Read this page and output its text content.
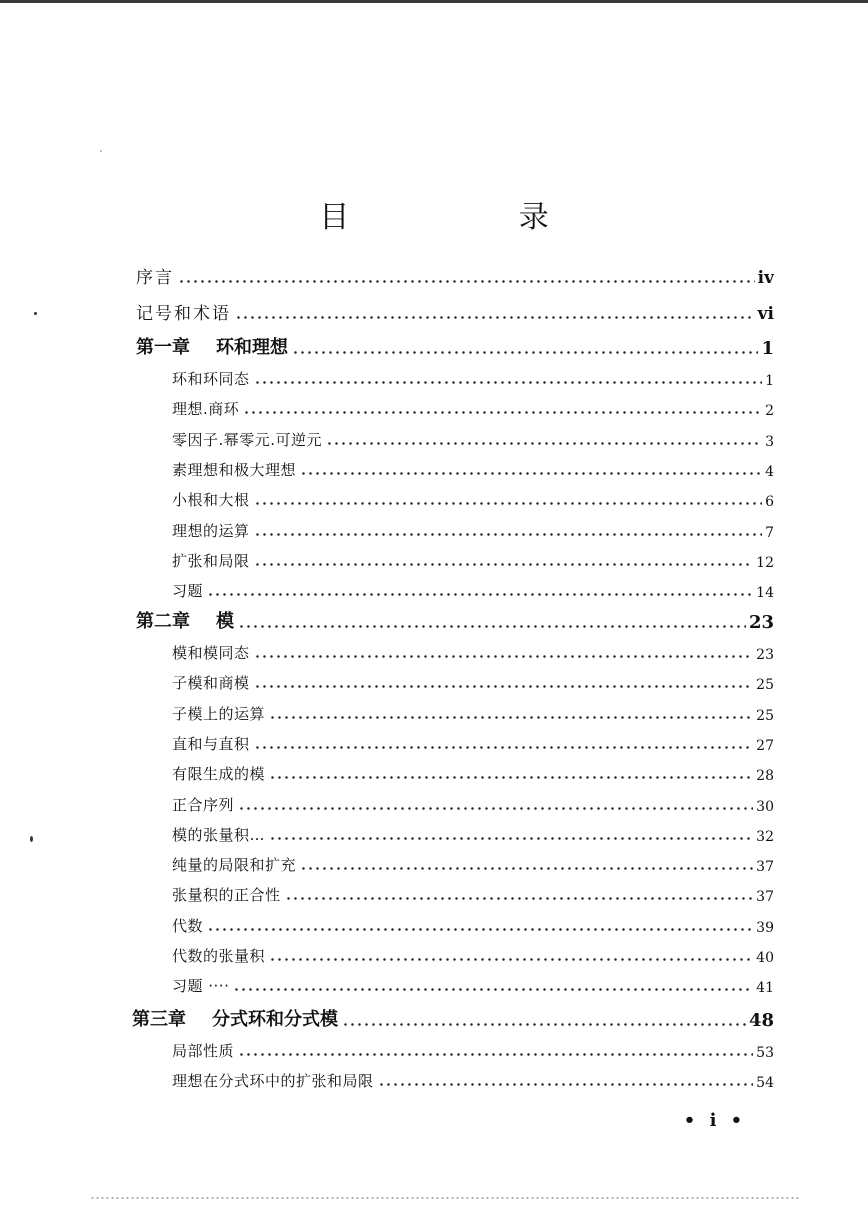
目 录
序言	iv
记号和术语	vi
第一章 环和理想	1
环和环同态	1
理想.商环	2
零因子.幂零元.可逆元	3
素理想和极大理想	4
小根和大根	6
理想的运算	7
扩张和局限	12
习题	14
第二章 模	23
模和模同态	23
子模和商模	25
子模上的运算	25
直和与直积	27
有限生成的模	28
正合序列	30
模的张量积…	32
纯量的局限和扩充	37
张量积的正合性	37
代数	39
代数的张量积	40
习题 ····	41
第三章 分式环和分式模	48
局部性质	53
理想在分式环中的扩张和局限	54
• i •
